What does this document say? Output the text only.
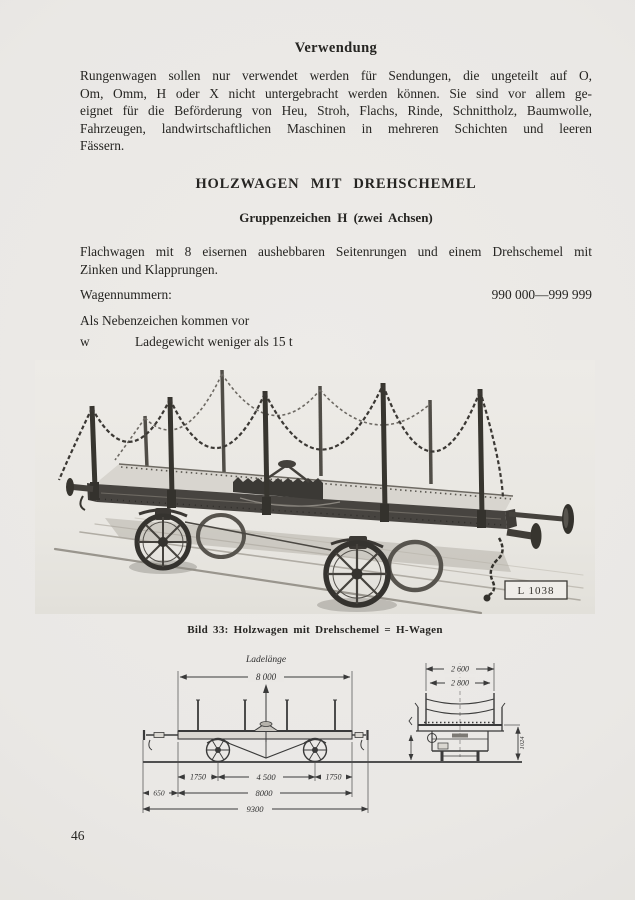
Verwendung
Rungenwagen sollen nur verwendet werden für Sendungen, die ungeteilt auf O,
Om, Omm, H oder X nicht untergebracht werden können. Sie sind vor allem ge-
eignet für die Beförderung von Heu, Stroh, Flachs, Rinde, Schnittholz, Baumwolle,
Fahrzeugen, landwirtschaftlichen Maschinen in mehreren Schichten und leeren
Fässern.
HOLZWAGEN MIT DREHSCHEMEL
Gruppenzeichen H (zwei Achsen)
Flachwagen mit 8 eisernen aushebbaren Seitenrungen und einem Drehschemel mit
Zinken und Klapprungen.
Wagennummern:	990 000—999 999
Als Nebenzeichen kommen vor
w	Ladegewicht weniger als 15 t
L 1038
Bild 33: Holzwagen mit Drehschemel = H-Wagen
Ladelänge
8 000
1750	4 500	1750
650	8000
9300
2 600
2 800
1024
46
